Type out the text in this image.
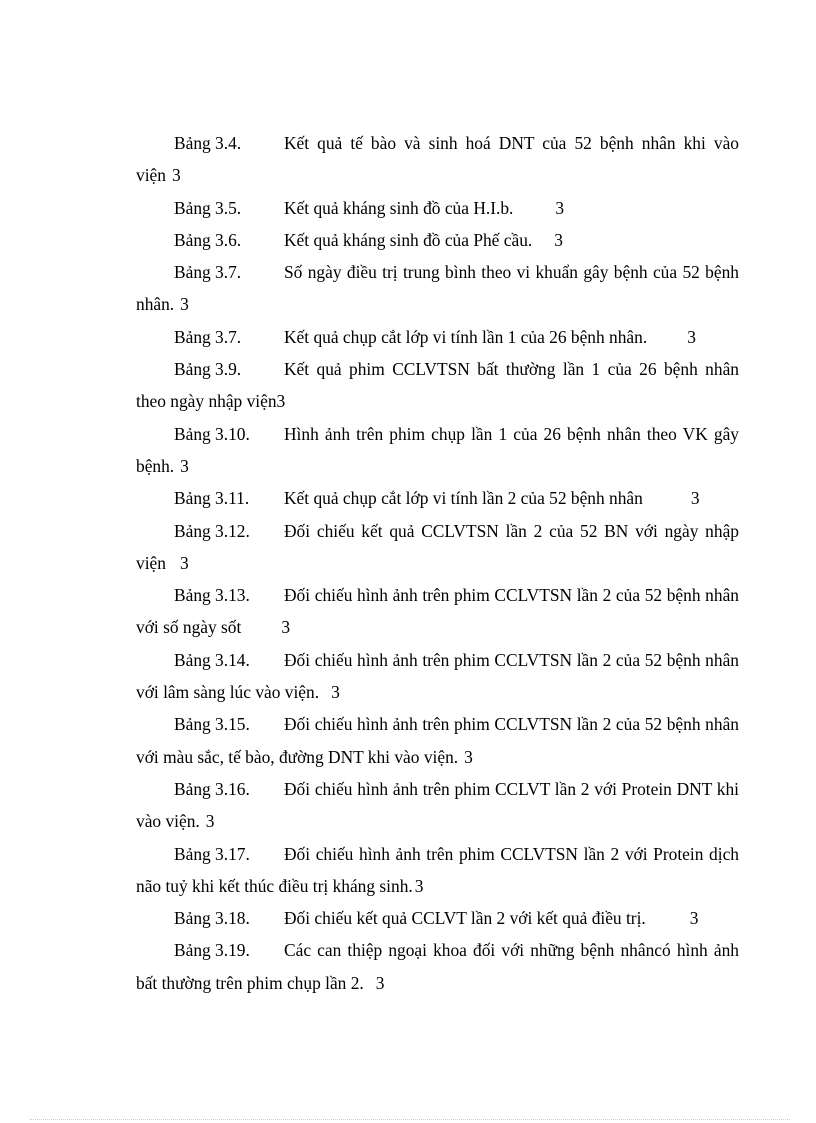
Bảng 3.4. Kết quả tế bào và sinh hoá DNT của 52 bệnh nhân khi vào viện 3

Bảng 3.5. Kết quả kháng sinh đồ của H.I.b. 3

Bảng 3.6. Kết quả kháng sinh đồ của Phế cầu. 3

Bảng 3.7. Số ngày điều trị trung bình theo vi khuẩn gây bệnh của 52 bệnh nhân. 3

Bảng 3.7. Kết quả chụp cắt lớp vi tính lần 1 của 26 bệnh nhân. 3

Bảng 3.9. Kết quả phim CCLVTSN bất thường lần 1 của 26 bệnh nhân theo ngày nhập viện3

Bảng 3.10. Hình ảnh trên phim chụp lần 1 của 26 bệnh nhân theo VK gây bệnh. 3

Bảng 3.11. Kết quả chụp cắt lớp vi tính lần 2 của 52 bệnh nhân	3

Bảng 3.12. Đối chiếu kết quả CCLVTSN lần 2 của 52 BN với ngày nhập viện 3

Bảng 3.13. Đối chiếu hình ảnh trên phim CCLVTSN lần 2 của 52 bệnh nhân với số ngày sốt 3

Bảng 3.14. Đối chiếu hình ảnh trên phim CCLVTSN lần 2 của 52 bệnh nhân với lâm sàng lúc vào viện. 3

Bảng 3.15. Đối chiếu hình ảnh trên phim CCLVTSN lần 2 của 52 bệnh nhân với màu sắc, tế bào, đường DNT khi vào viện. 3

Bảng 3.16. Đối chiếu hình ảnh trên phim CCLVT lần 2 với Protein DNT khi vào viện. 3

Bảng 3.17. Đối chiếu hình ảnh trên phim CCLVTSN lần 2 với Protein dịch não tuỷ khi kết thúc điều trị kháng sinh. 3

Bảng 3.18. Đối chiếu kết quả CCLVT lần 2 với kết quả điều trị.	3

Bảng 3.19. Các can thiệp ngoại khoa đối với những bệnh nhâncó hình ảnh bất thường trên phim chụp lần 2. 3
